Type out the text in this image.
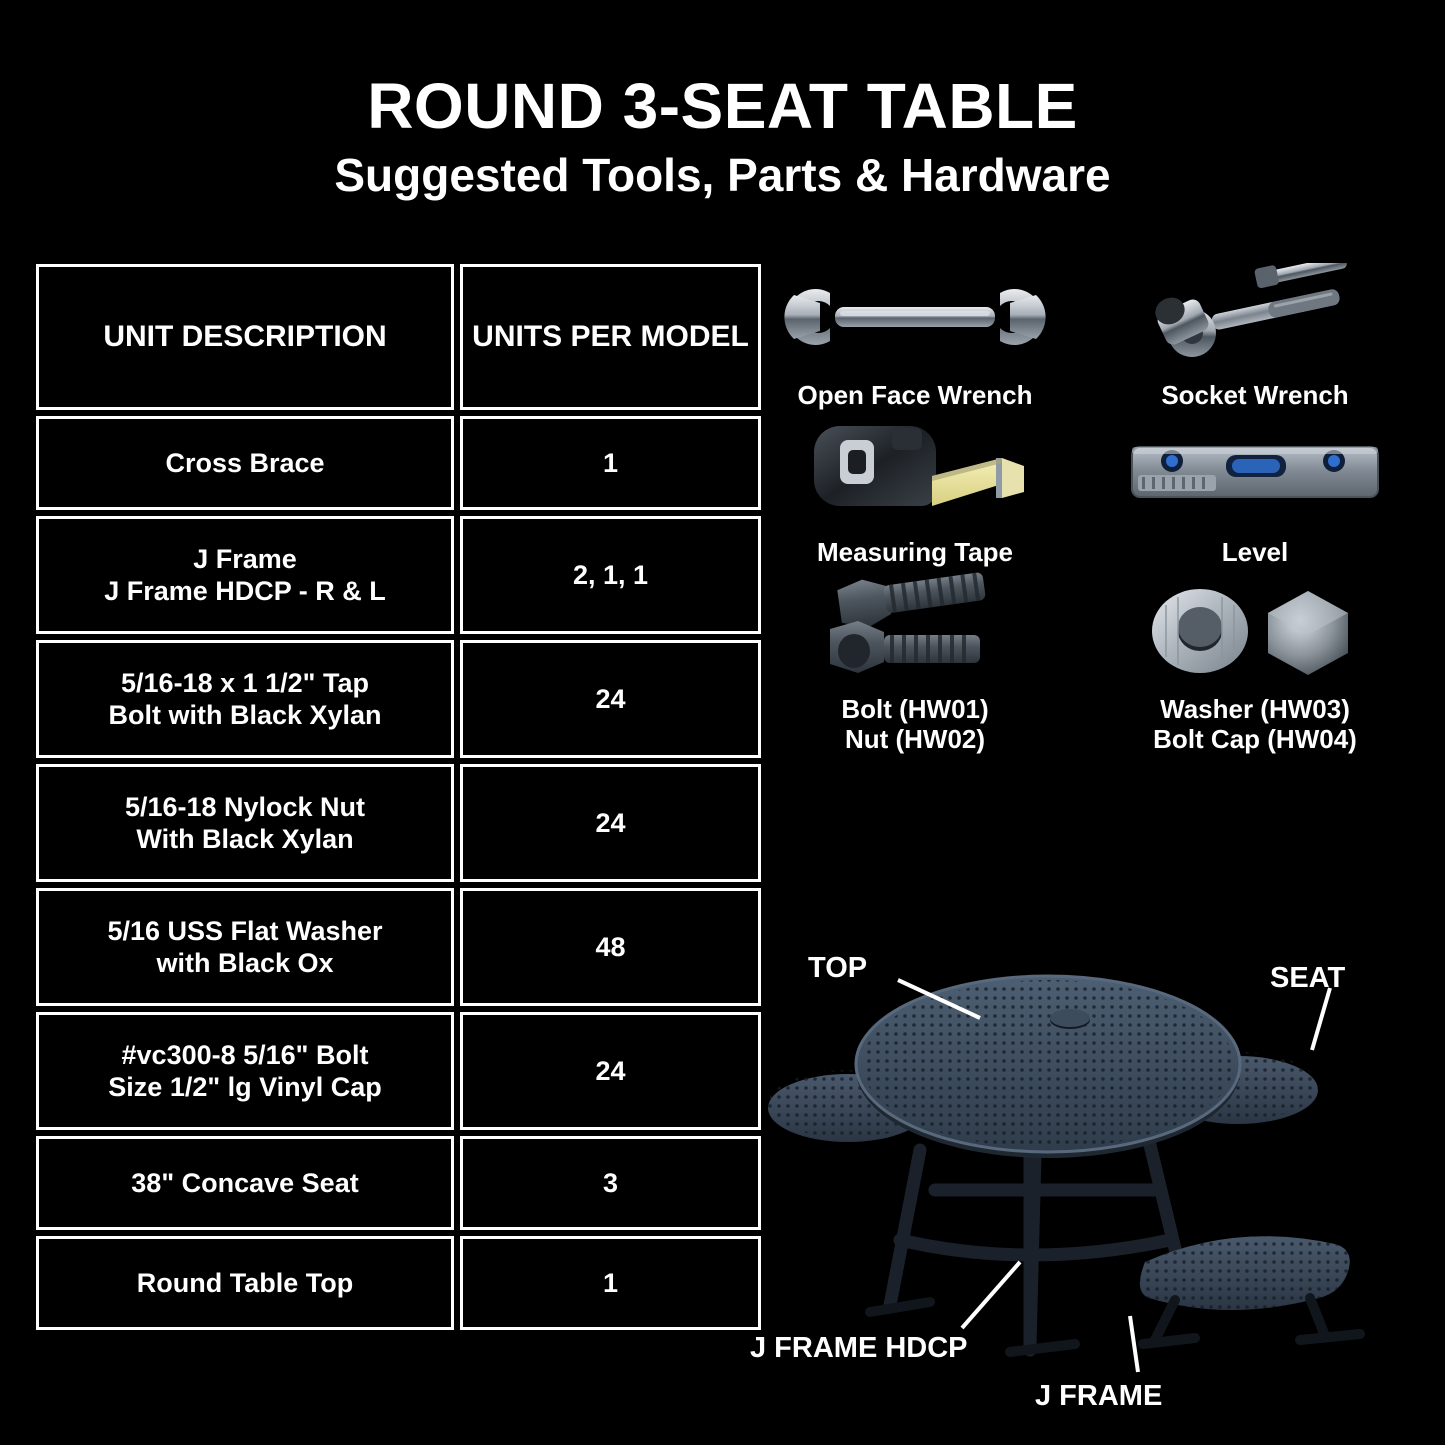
ROUND 3-SEAT TABLE
Suggested Tools, Parts & Hardware
UNIT DESCRIPTION	UNITS PER MODEL
Cross Brace	1

J Frame
J Frame HDCP - R & L	2, 1, 1

5/16-18 x 1 1/2" Tap
Bolt with Black Xylan	24

5/16-18 Nylock Nut
With Black Xylan	24

5/16 USS Flat Washer
with Black Ox	48

#vc300-8 5/16" Bolt
Size 1/2" lg Vinyl Cap	24
38" Concave Seat	3
Round Table Top	1
Open Face Wrench	Socket Wrench
Measuring Tape	Level
Bolt (HW01)
Nut (HW02)
Washer (HW03)
Bolt Cap (HW04)
TOP	SEAT
J FRAME HDCP
J FRAME
